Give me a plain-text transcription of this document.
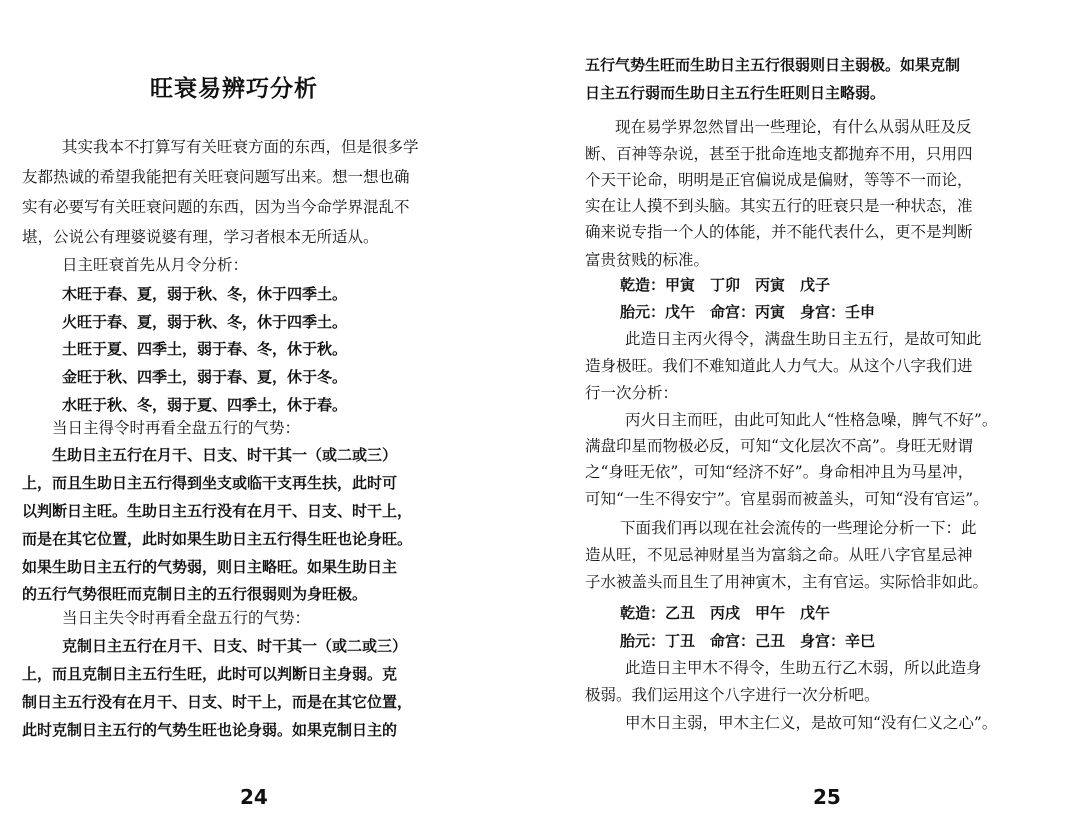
旺衰易辨巧分析
其实我本不打算写有关旺衰方面的东西，但是很多学
友都热诚的希望我能把有关旺衰问题写出来。想一想也确
实有必要写有关旺衰问题的东西，因为当今命学界混乱不
堪，公说公有理婆说婆有理，学习者根本无所适从。
日主旺衰首先从月令分析：
木旺于春、夏，弱于秋、冬，休于四季土。
火旺于春、夏，弱于秋、冬，休于四季土。
土旺于夏、四季土，弱于春、冬，休于秋。
金旺于秋、四季土，弱于春、夏，休于冬。
水旺于秋、冬，弱于夏、四季土，休于春。
当日主得令时再看全盘五行的气势：
生助日主五行在月干、日支、时干其一（或二或三）
上，而且生助日主五行得到坐支或临干支再生扶，此时可
以判断日主旺。生助日主五行没有在月干、日支、时干上，
而是在其它位置，此时如果生助日主五行得生旺也论身旺。
如果生助日主五行的气势弱，则日主略旺。如果生助日主
的五行气势很旺而克制日主的五行很弱则为身旺极。
当日主失令时再看全盘五行的气势：
克制日主五行在月干、日支、时干其一（或二或三）
上，而且克制日主五行生旺，此时可以判断日主身弱。克
制日主五行没有在月干、日支、时干上，而是在其它位置，
此时克制日主五行的气势生旺也论身弱。如果克制日主的
24
五行气势生旺而生助日主五行很弱则日主弱极。如果克制
日主五行弱而生助日主五行生旺则日主略弱。
现在易学界忽然冒出一些理论，有什么从弱从旺及反
断、百神等杂说，甚至于批命连地支都抛弃不用，只用四
个天干论命，明明是正官偏说成是偏财，等等不一而论，
实在让人摸不到头脑。其实五行的旺衰只是一种状态，准
确来说专指一个人的体能，并不能代表什么，更不是判断
富贵贫贱的标准。
乾造：甲寅　丁卯　丙寅　戊子
胎元：戊午　命宫：丙寅　身宫：壬申
此造日主丙火得令，满盘生助日主五行，是故可知此
造身极旺。我们不难知道此人力气大。从这个八字我们进
行一次分析：
丙火日主而旺，由此可知此人“性格急噪，脾气不好”。
满盘印星而物极必反，可知“文化层次不高”。身旺无财谓
之“身旺无依”，可知“经济不好”。身命相冲且为马星冲，
可知“一生不得安宁”。官星弱而被盖头，可知“没有官运”。
下面我们再以现在社会流传的一些理论分析一下：此
造从旺，不见忌神财星当为富翁之命。从旺八字官星忌神
子水被盖头而且生了用神寅木，主有官运。实际恰非如此。
乾造：乙丑　丙戌　甲午　戊午
胎元：丁丑　命宫：己丑　身宫：辛巳
此造日主甲木不得令，生助五行乙木弱，所以此造身
极弱。我们运用这个八字进行一次分析吧。
甲木日主弱，甲木主仁义，是故可知“没有仁义之心”。
25
